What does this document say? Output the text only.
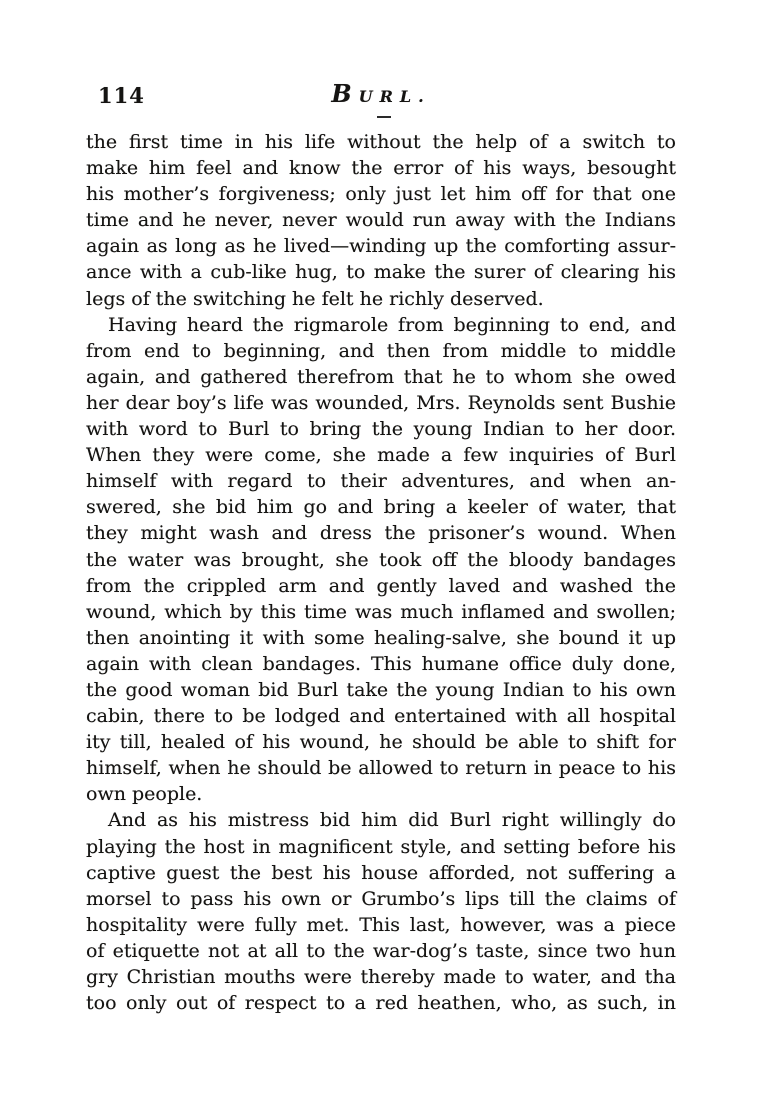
114	BURL.
the first time in his life without the help of a switch to
make him feel and know the error of his ways, besought
his mother’s forgiveness; only just let him off for that one
time and he never, never would run away with the Indians
again as long as he lived—winding up the comforting assur-
ance with a cub-like hug, to make the surer of clearing his
legs of the switching he felt he richly deserved.
Having heard the rigmarole from beginning to end, and
from end to beginning, and then from middle to middle
again, and gathered therefrom that he to whom she owed
her dear boy’s life was wounded, Mrs. Reynolds sent Bushie
with word to Burl to bring the young Indian to her door.
When they were come, she made a few inquiries of Burl
himself with regard to their adventures, and when an-
swered, she bid him go and bring a keeler of water, that
they might wash and dress the prisoner’s wound. When
the water was brought, she took off the bloody bandages
from the crippled arm and gently laved and washed the
wound, which by this time was much inflamed and swollen;
then anointing it with some healing-salve, she bound it up
again with clean bandages. This humane office duly done,
the good woman bid Burl take the young Indian to his own
cabin, there to be lodged and entertained with all hospital
ity till, healed of his wound, he should be able to shift for
himself, when he should be allowed to return in peace to his
own people.
And as his mistress bid him did Burl right willingly do
playing the host in magnificent style, and setting before his
captive guest the best his house afforded, not suffering a
morsel to pass his own or Grumbo’s lips till the claims of
hospitality were fully met. This last, however, was a piece
of etiquette not at all to the war-dog’s taste, since two hun
gry Christian mouths were thereby made to water, and tha
too only out of respect to a red heathen, who, as such, in
